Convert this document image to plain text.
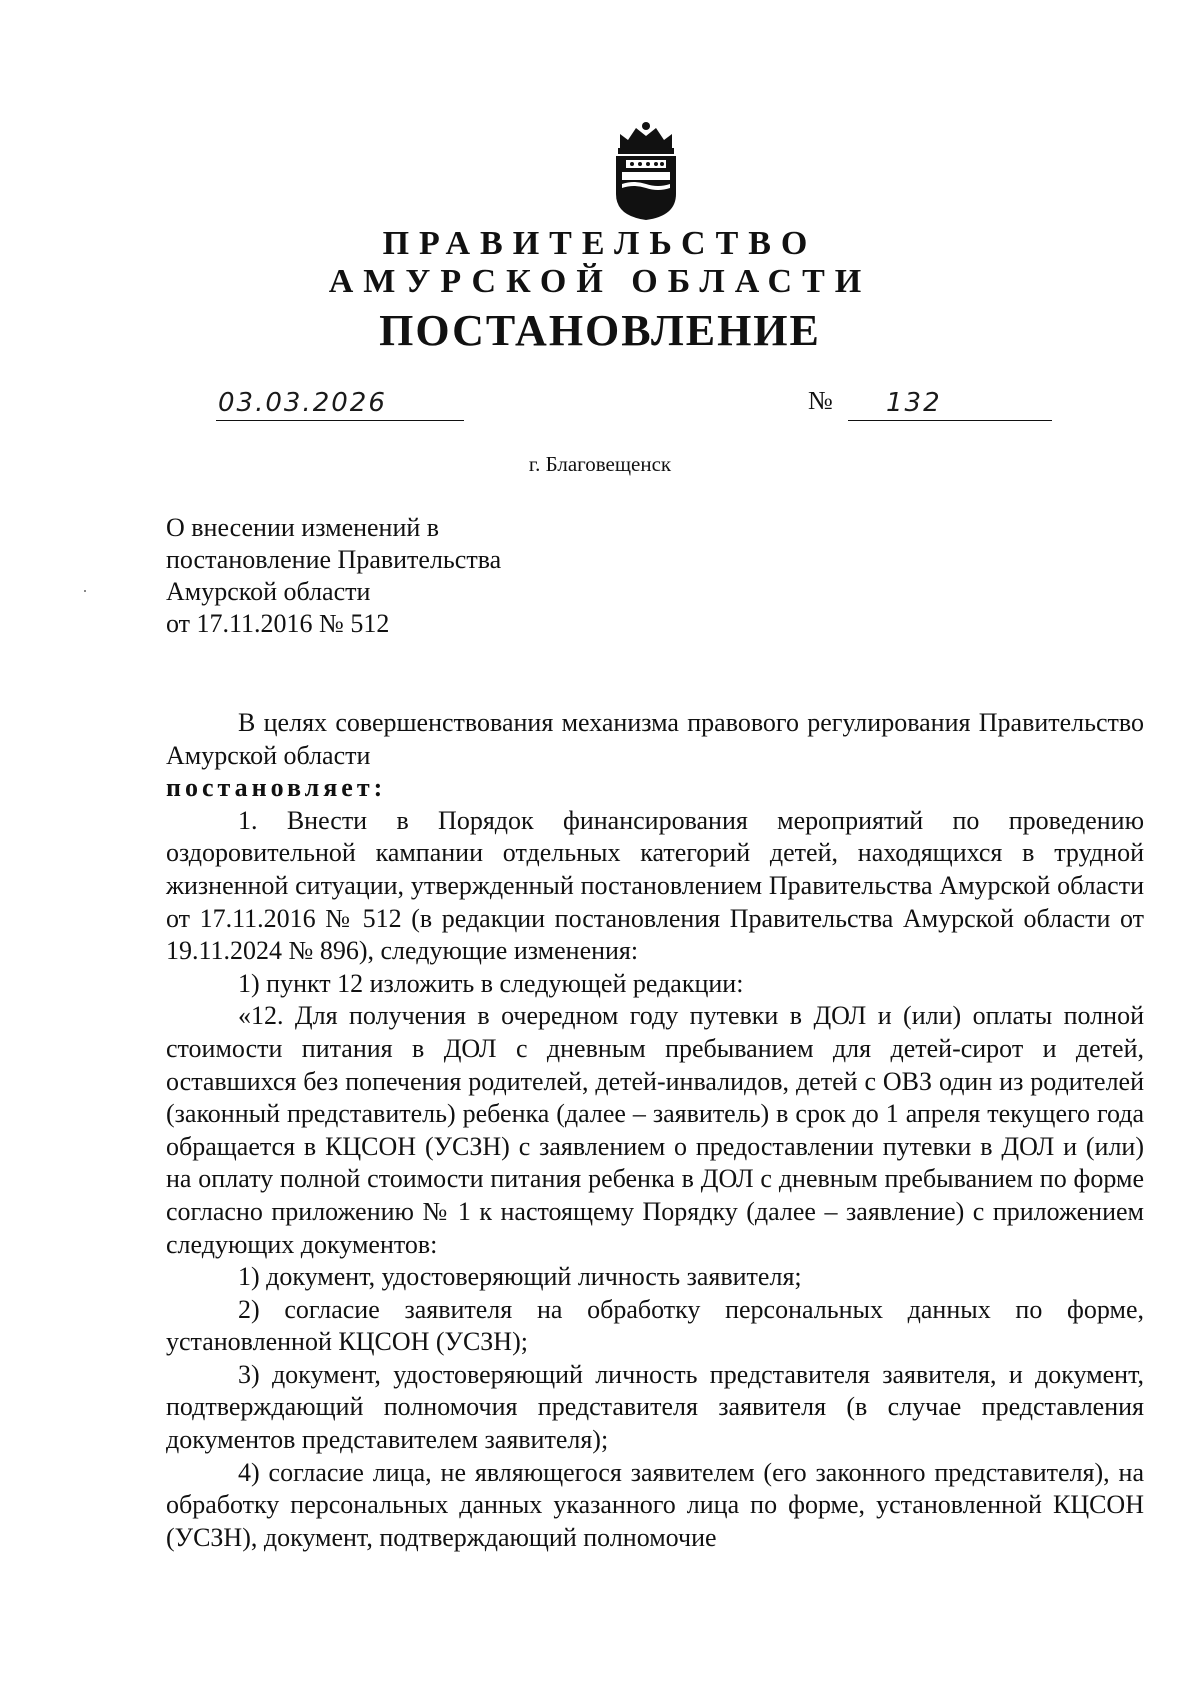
ПРАВИТЕЛЬСТВО
АМУРСКОЙ ОБЛАСТИ
ПОСТАНОВЛЕНИЕ
03.03.2026	№ 132
г. Благовещенск
О внесении изменений в
постановление Правительства
Амурской области
от 17.11.2016 № 512

В целях совершенствования механизма правового регулирования Правительство Амурской области

постановляет:

1. Внести в Порядок финансирования мероприятий по проведению оздоровительной кампании отдельных категорий детей, находящихся в трудной жизненной ситуации, утвержденный постановлением Правительства Амурской области от 17.11.2016 № 512 (в редакции постановления Правительства Амурской области от 19.11.2024 № 896), следующие изменения:

1) пункт 12 изложить в следующей редакции:

«12. Для получения в очередном году путевки в ДОЛ и (или) оплаты полной стоимости питания в ДОЛ с дневным пребыванием для детей-сирот и детей, оставшихся без попечения родителей, детей-инвалидов, детей с ОВЗ один из родителей (законный представитель) ребенка (далее – заявитель) в срок до 1 апреля текущего года обращается в КЦСОН (УСЗН) с заявлением о предоставлении путевки в ДОЛ и (или) на оплату полной стоимости питания ребенка в ДОЛ с дневным пребыванием по форме согласно приложению № 1 к настоящему Порядку (далее – заявление) с приложением следующих документов:

1) документ, удостоверяющий личность заявителя;

2) согласие заявителя на обработку персональных данных по форме, установленной КЦСОН (УСЗН);

3) документ, удостоверяющий личность представителя заявителя, и документ, подтверждающий полномочия представителя заявителя (в случае представления документов представителем заявителя);

4) согласие лица, не являющегося заявителем (его законного представителя), на обработку персональных данных указанного лица по форме, установленной КЦСОН (УСЗН), документ, подтверждающий полномочие
